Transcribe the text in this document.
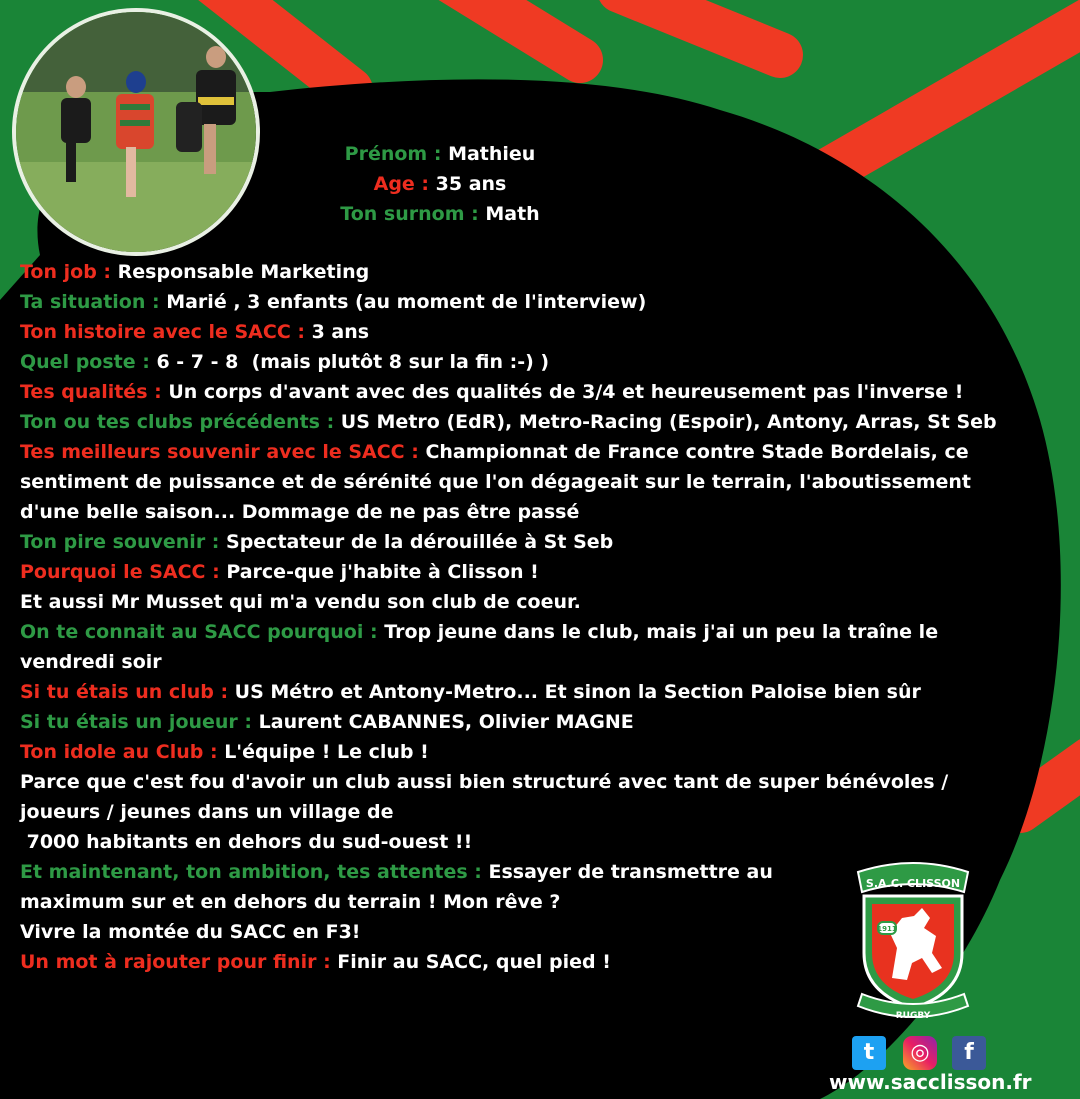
Prénom : Mathieu
Age : 35 ans
Ton surnom : Math
Ton job : Responsable Marketing
Ta situation : Marié , 3 enfants (au moment de l'interview)
Ton histoire avec le SACC : 3 ans
Quel poste : 6 - 7 - 8  (mais plutôt 8 sur la fin :-) )
Tes qualités : Un corps d'avant avec des qualités de 3/4 et heureusement pas l'inverse !
Ton ou tes clubs précédents : US Metro (EdR), Metro-Racing (Espoir), Antony, Arras, St Seb
Tes meilleurs souvenir avec le SACC : Championnat de France contre Stade Bordelais, ce
sentiment de puissance et de sérénité que l'on dégageait sur le terrain, l'aboutissement
d'une belle saison... Dommage de ne pas être passé
Ton pire souvenir : Spectateur de la dérouillée à St Seb
Pourquoi le SACC : Parce-que j'habite à Clisson !
Et aussi Mr Musset qui m'a vendu son club de coeur.
On te connait au SACC pourquoi : Trop jeune dans le club, mais j'ai un peu la traîne le
vendredi soir
Si tu étais un club : US Métro et Antony-Metro... Et sinon la Section Paloise bien sûr
Si tu étais un joueur : Laurent CABANNES, Olivier MAGNE
Ton idole au Club : L'équipe ! Le club !
Parce que c'est fou d'avoir un club aussi bien structuré avec tant de super bénévoles /
joueurs / jeunes dans un village de
7000 habitants en dehors du sud-ouest !!
Et maintenant, ton ambition, tes attentes : Essayer de transmettre au
maximum sur et en dehors du terrain ! Mon rêve ?
Vivre la montée du SACC en F3!
Un mot à rajouter pour finir : Finir au SACC, quel pied !
S.A.C. CLISSON
1911
RUGBY
t	◎	f
www.sacclisson.fr
